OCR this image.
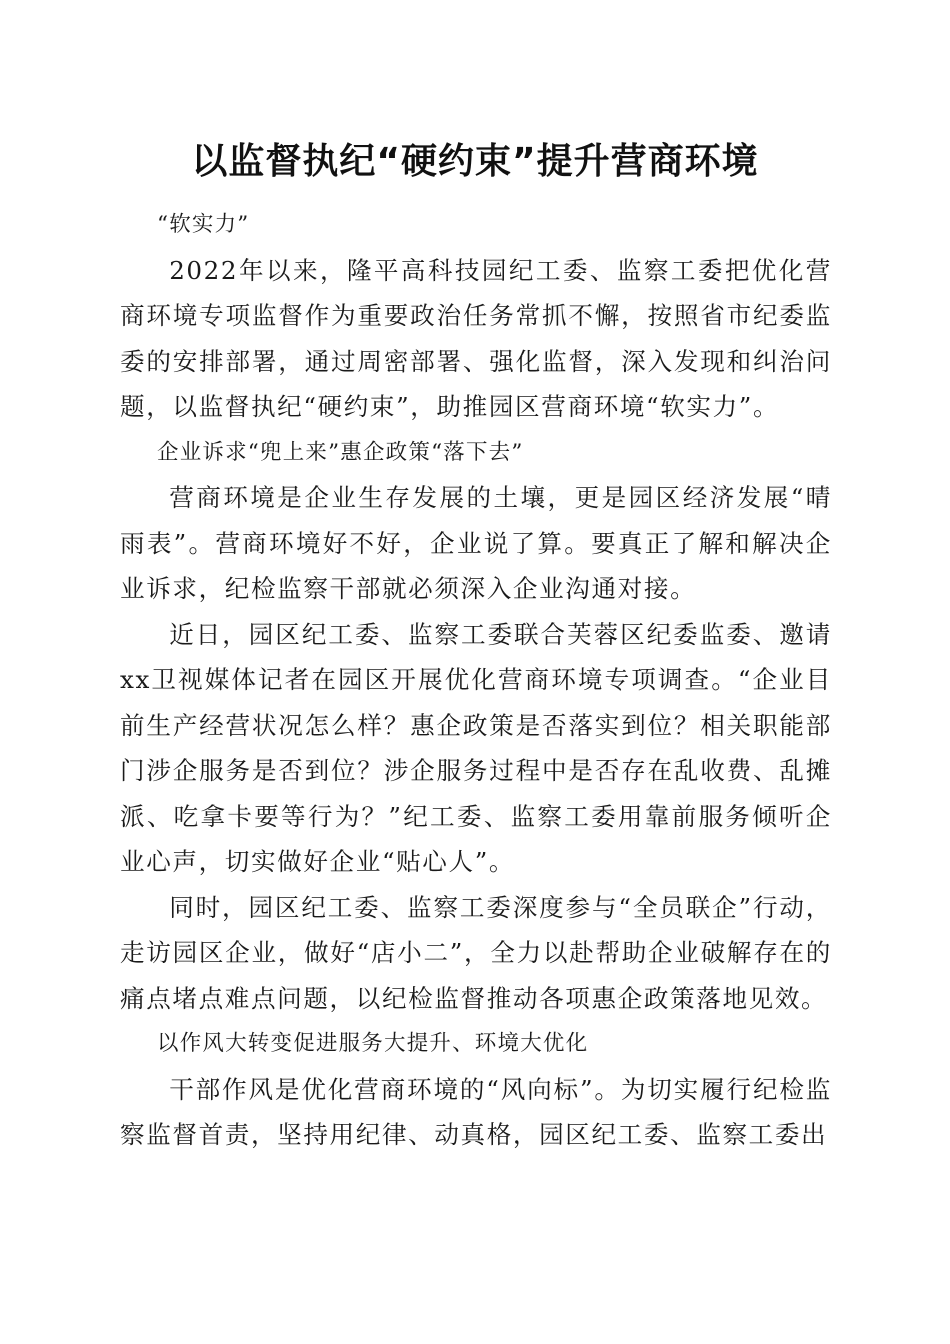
以监督执纪“硬约束”提升营商环境

“软实力”

2022年以来，隆平高科技园纪工委、监察工委把优化营商环境专项监督作为重要政治任务常抓不懈，按照省市纪委监委的安排部署，通过周密部署、强化监督，深入发现和纠治问题，以监督执纪“硬约束”，助推园区营商环境“软实力”。

企业诉求“兜上来”惠企政策“落下去”

营商环境是企业生存发展的土壤，更是园区经济发展“晴雨表”。营商环境好不好，企业说了算。要真正了解和解决企业诉求，纪检监察干部就必须深入企业沟通对接。

近日，园区纪工委、监察工委联合芙蓉区纪委监委、邀请xx卫视媒体记者在园区开展优化营商环境专项调查。“企业目前生产经营状况怎么样？惠企政策是否落实到位？相关职能部门涉企服务是否到位？涉企服务过程中是否存在乱收费、乱摊派、吃拿卡要等行为？”纪工委、监察工委用靠前服务倾听企业心声，切实做好企业“贴心人”。

同时，园区纪工委、监察工委深度参与“全员联企”行动，走访园区企业，做好“店小二”，全力以赴帮助企业破解存在的痛点堵点难点问题，以纪检监督推动各项惠企政策落地见效。

以作风大转变促进服务大提升、环境大优化

干部作风是优化营商环境的“风向标”。为切实履行纪检监察监督首责，坚持用纪律、动真格，园区纪工委、监察工委出
